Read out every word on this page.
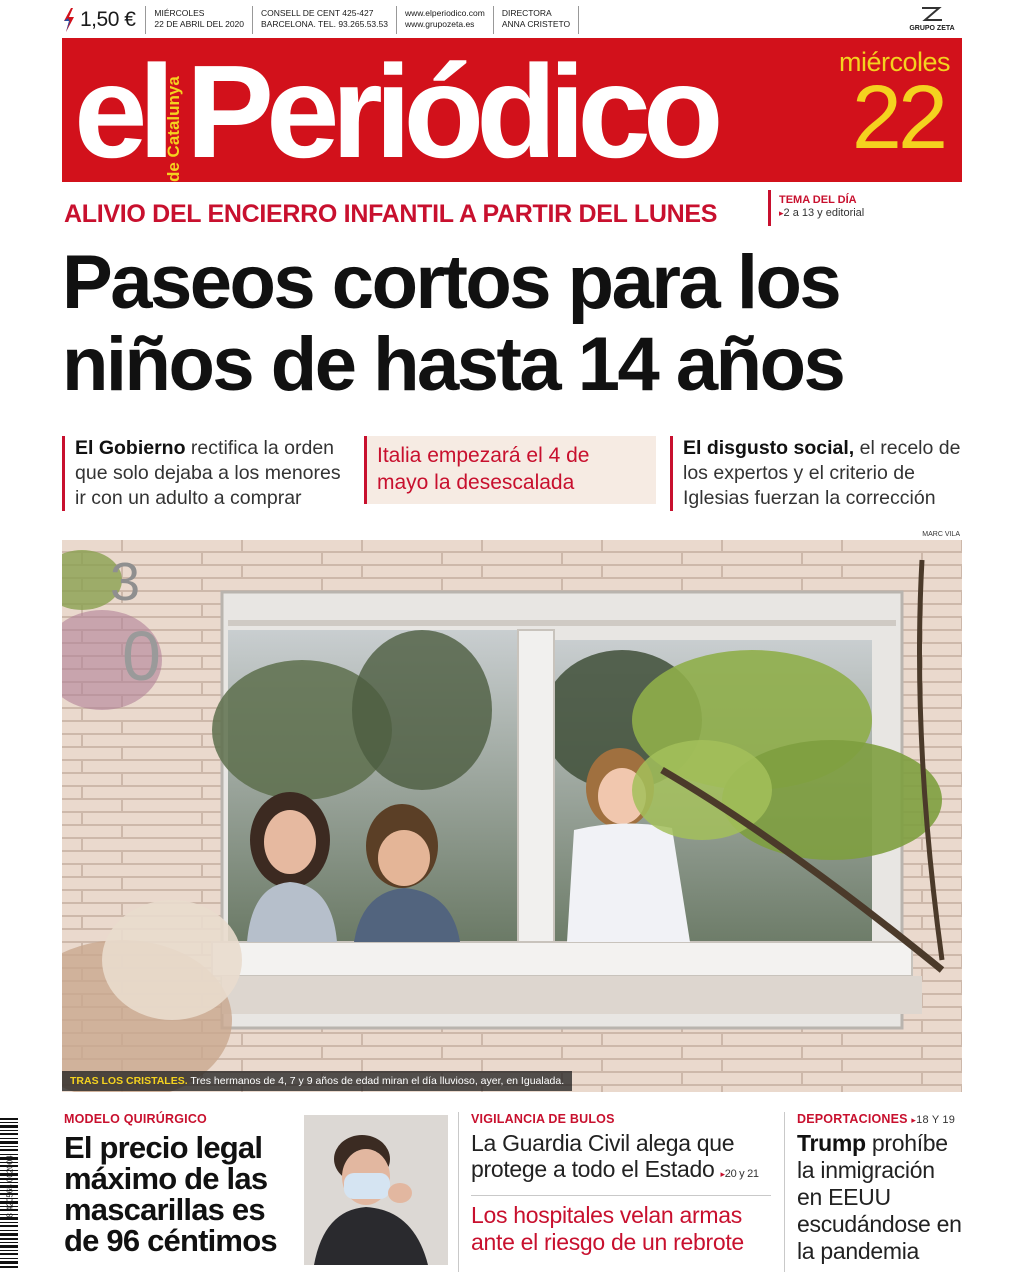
1,50 € MIÉRCOLES
22 DE ABRIL DEL 2020
CONSELL DE CENT 425-427
BARCELONA. TEL. 93.265.53.53
www.elperiodico.com
www.grupozeta.es
DIRECTORA
ANNA CRISTETO	GRUPO ZETA
el
de Catalunya Periódico	miércoles
22
ALIVIO DEL ENCIERRO INFANTIL A PARTIR DEL LUNES	TEMA DEL DÍA
▸2 a 13 y editorial
Paseos cortos para los
niños de hasta 14 años
El Gobierno rectifica la orden que solo dejaba a los menores ir con un adulto a comprar
Italia empezará el 4 de mayo la desescalada
El disgusto social, el recelo de los expertos y el criterio de Iglesias fuerzan la corrección
MARC VILA
3
0
TRAS LOS CRISTALES. Tres hermanos de 4, 7 y 9 años de edad miran el día lluvioso, ayer, en Igualada.
MODELO QUIRÚRGICO
El precio legal máximo de las mascarillas es de 96 céntimos
VIGILANCIA DE BULOS
La Guardia Civil alega que protege a todo el Estado ▸20 y 21
Los hospitales velan armas ante el riesgo de un rebrote
DEPORTACIONES ▸18 Y 19
Trump prohíbe la inmigración en EEUU escudándose en la pandemia
8 420565 002004
